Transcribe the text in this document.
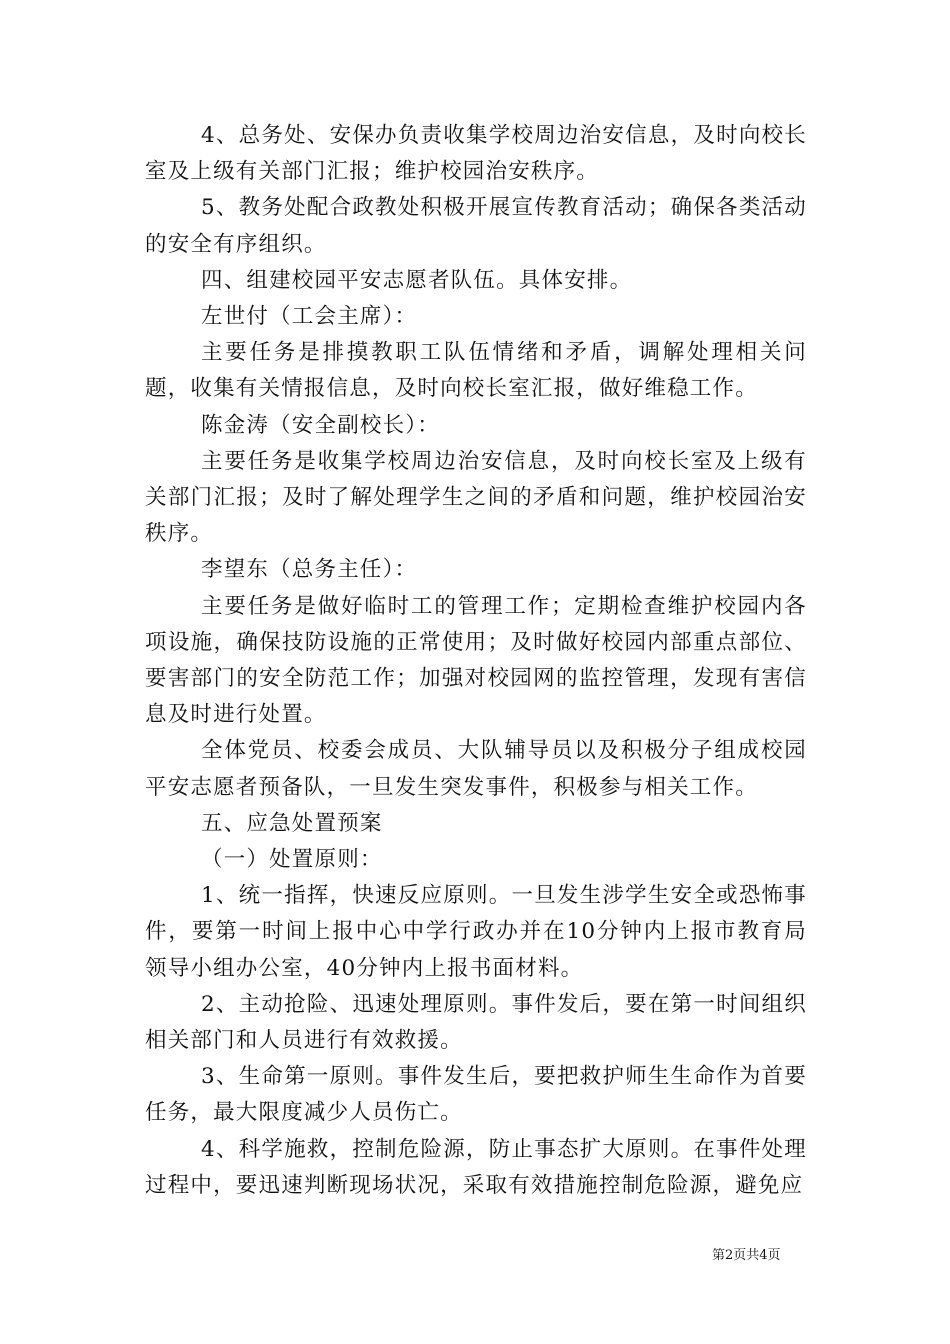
4、总务处、安保办负责收集学校周边治安信息，及时向校长室及上级有关部门汇报；维护校园治安秩序。

5、教务处配合政教处积极开展宣传教育活动；确保各类活动的安全有序组织。

四、组建校园平安志愿者队伍。具体安排。

左世付（工会主席）：

主要任务是排摸教职工队伍情绪和矛盾，调解处理相关问题，收集有关情报信息，及时向校长室汇报，做好维稳工作。

陈金涛（安全副校长）：

主要任务是收集学校周边治安信息，及时向校长室及上级有关部门汇报；及时了解处理学生之间的矛盾和问题，维护校园治安秩序。

李望东（总务主任）：

主要任务是做好临时工的管理工作；定期检查维护校园内各项设施，确保技防设施的正常使用；及时做好校园内部重点部位、要害部门的安全防范工作；加强对校园网的监控管理，发现有害信息及时进行处置。

全体党员、校委会成员、大队辅导员以及积极分子组成校园平安志愿者预备队，一旦发生突发事件，积极参与相关工作。

五、应急处置预案

（一）处置原则：

1、统一指挥，快速反应原则。一旦发生涉学生安全或恐怖事件，要第一时间上报中心中学行政办并在10分钟内上报市教育局领导小组办公室，40分钟内上报书面材料。

2、主动抢险、迅速处理原则。事件发后，要在第一时间组织相关部门和人员进行有效救援。

3、生命第一原则。事件发生后，要把救护师生生命作为首要任务，最大限度减少人员伤亡。

4、科学施救，控制危险源，防止事态扩大原则。在事件处理过程中，要迅速判断现场状况，采取有效措施控制危险源，避免应

第2页共4页
